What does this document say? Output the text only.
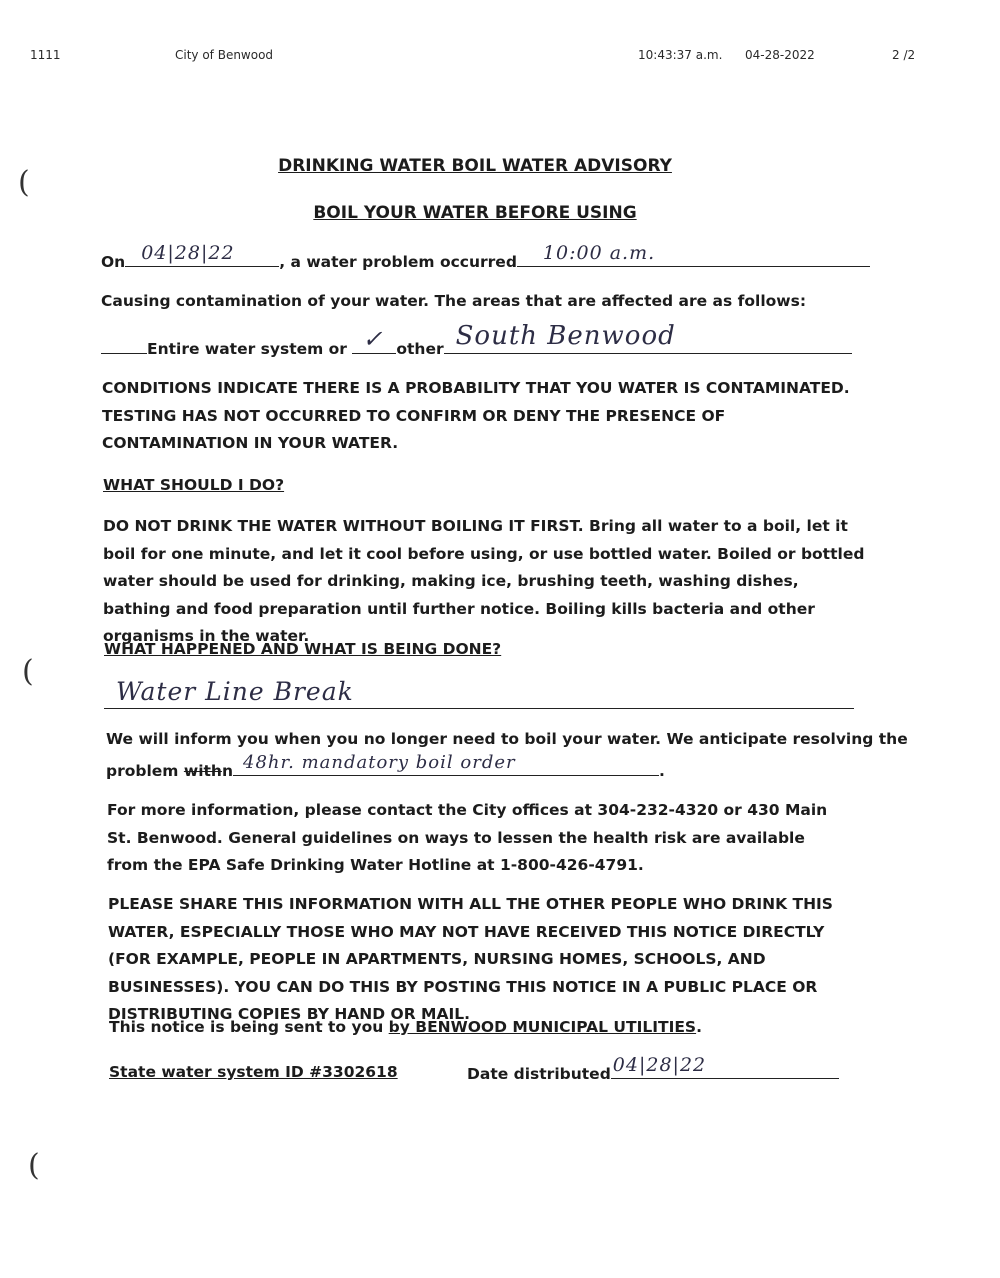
1111	City of Benwood	10:43:37 a.m. 04-28-2022	2 /2
(
(
(
DRINKING WATER BOIL WATER ADVISORY
BOIL YOUR WATER BEFORE USING
On 04|28|22	, a water problem occurred 10:00 a.m.
Causing contamination of your water. The areas that are affected are as follows:
Entire water system or ✓ other South Benwood
CONDITIONS INDICATE THERE IS A PROBABILITY THAT YOU WATER IS CONTAMINATED. TESTING HAS NOT OCCURRED TO CONFIRM OR DENY THE PRESENCE OF CONTAMINATION IN YOUR WATER.
WHAT SHOULD I DO?
DO NOT DRINK THE WATER WITHOUT BOILING IT FIRST. Bring all water to a boil, let it boil for one minute, and let it cool before using, or use bottled water. Boiled or bottled water should be used for drinking, making ice, brushing teeth, washing dishes, bathing and food preparation until further notice. Boiling kills bacteria and other organisms in the water.
WHAT HAPPENED AND WHAT IS BEING DONE?
Water Line Break
We will inform you when you no longer need to boil your water. We anticipate resolving the
problem withn 48hr. mandatory boil order	.
For more information, please contact the City offices at 304-232-4320 or 430 Main St. Benwood. General guidelines on ways to lessen the health risk are available from the EPA Safe Drinking Water Hotline at 1-800-426-4791.
PLEASE SHARE THIS INFORMATION WITH ALL THE OTHER PEOPLE WHO DRINK THIS WATER, ESPECIALLY THOSE WHO MAY NOT HAVE RECEIVED THIS NOTICE DIRECTLY (FOR EXAMPLE, PEOPLE IN APARTMENTS, NURSING HOMES, SCHOOLS, AND BUSINESSES). YOU CAN DO THIS BY POSTING THIS NOTICE IN A PUBLIC PLACE OR DISTRIBUTING COPIES BY HAND OR MAIL.
This notice is being sent to you by BENWOOD MUNICIPAL UTILITIES.
State water system ID #3302618	Date distributed 04|28|22
